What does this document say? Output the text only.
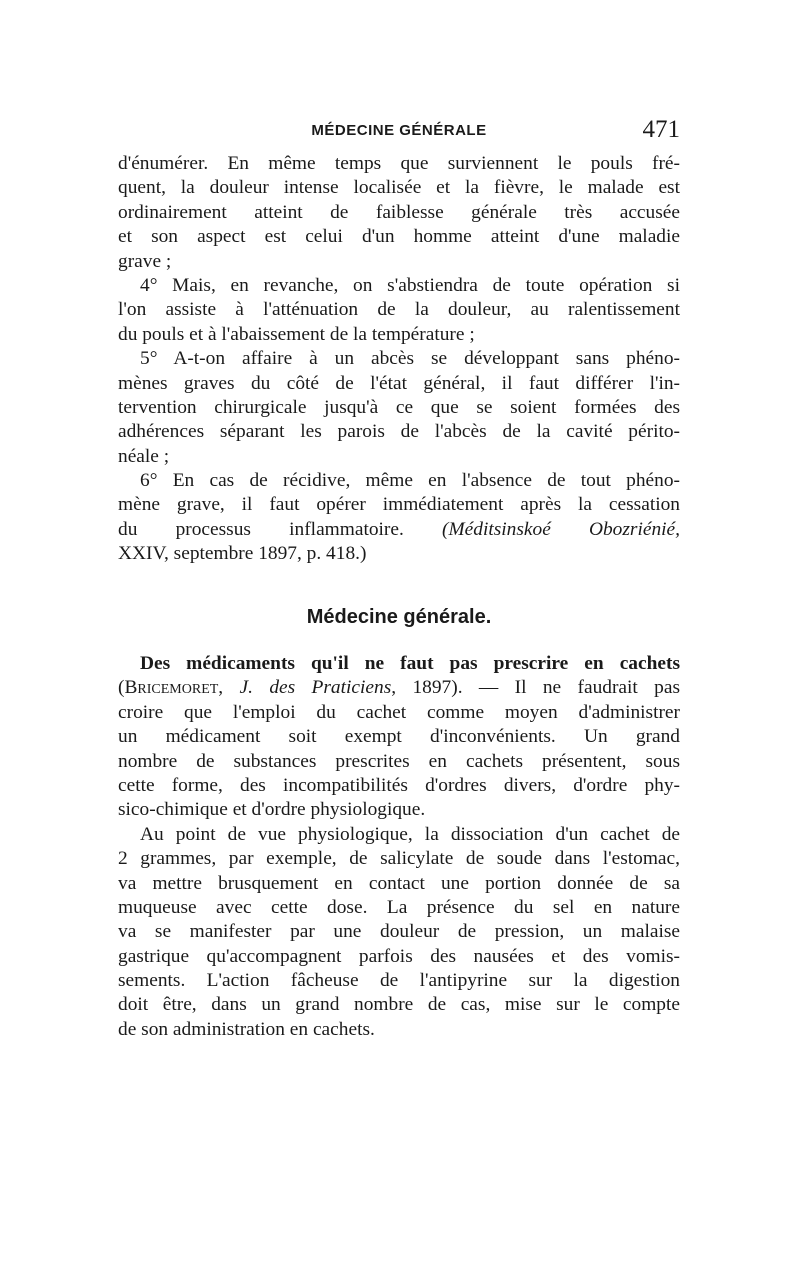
MÉDECINE GÉNÉRALE	471
d'énumérer. En même temps que surviennent le pouls fré-
quent, la douleur intense localisée et la fièvre, le malade est
ordinairement atteint de faiblesse générale très accusée
et son aspect est celui d'un homme atteint d'une maladie
grave ;
4° Mais, en revanche, on s'abstiendra de toute opération si
l'on assiste à l'atténuation de la douleur, au ralentissement
du pouls et à l'abaissement de la température ;
5° A-t-on affaire à un abcès se développant sans phéno-
mènes graves du côté de l'état général, il faut différer l'in-
tervention chirurgicale jusqu'à ce que se soient formées des
adhérences séparant les parois de l'abcès de la cavité périto-
néale ;
6° En cas de récidive, même en l'absence de tout phéno-
mène grave, il faut opérer immédiatement après la cessation
du processus inflammatoire. (Méditsinskoé Obozriénié,
XXIV, septembre 1897, p. 418.)
Médecine générale.
Des médicaments qu'il ne faut pas prescrire en cachets
(Bricemoret, J. des Praticiens, 1897). — Il ne faudrait pas
croire que l'emploi du cachet comme moyen d'administrer
un médicament soit exempt d'inconvénients. Un grand
nombre de substances prescrites en cachets présentent, sous
cette forme, des incompatibilités d'ordres divers, d'ordre phy-
sico-chimique et d'ordre physiologique.
Au point de vue physiologique, la dissociation d'un cachet de
2 grammes, par exemple, de salicylate de soude dans l'estomac,
va mettre brusquement en contact une portion donnée de sa
muqueuse avec cette dose. La présence du sel en nature
va se manifester par une douleur de pression, un malaise
gastrique qu'accompagnent parfois des nausées et des vomis-
sements. L'action fâcheuse de l'antipyrine sur la digestion
doit être, dans un grand nombre de cas, mise sur le compte
de son administration en cachets.
